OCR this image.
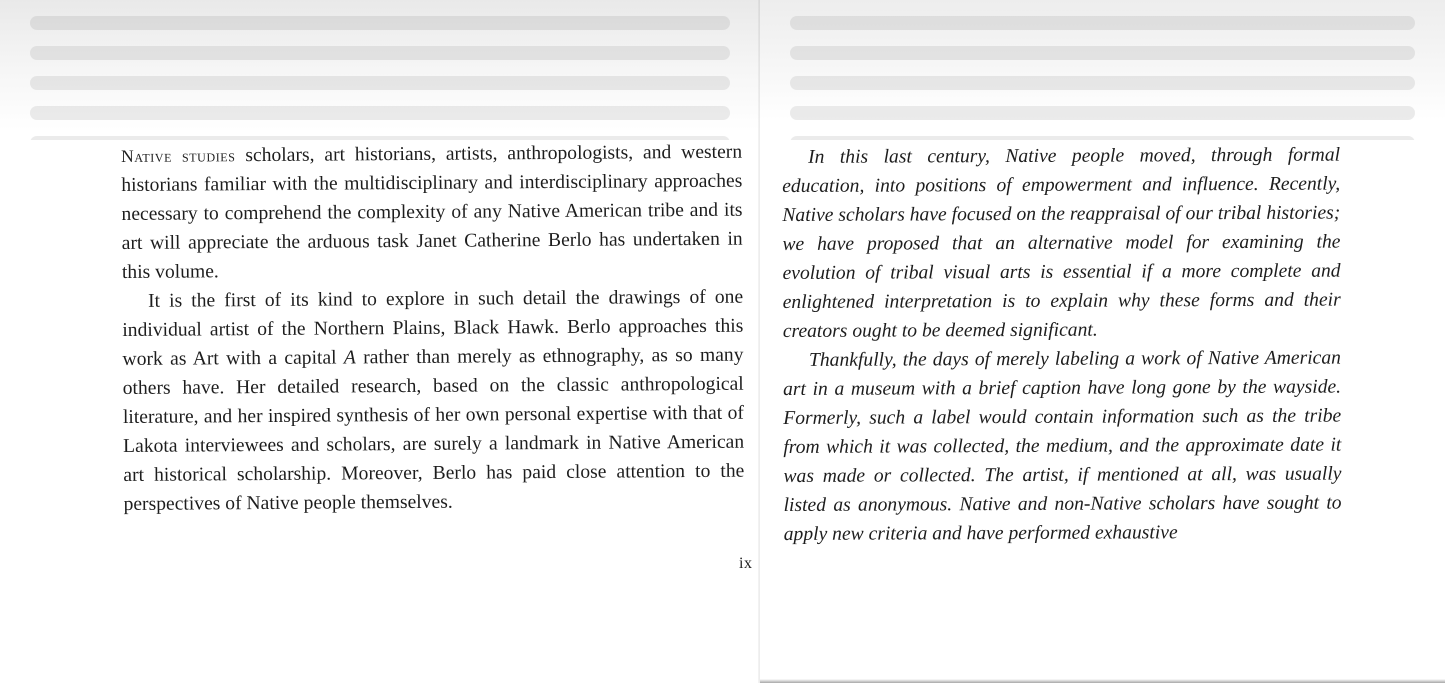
Native studies scholars, art historians, artists, anthropologists, and western historians familiar with the multidisciplinary and interdisciplinary approaches necessary to comprehend the complexity of any Native American tribe and its art will appreciate the arduous task Janet Catherine Berlo has undertaken in this volume.

It is the first of its kind to explore in such detail the drawings of one individual artist of the Northern Plains, Black Hawk. Berlo approaches this work as Art with a capital A rather than merely as ethnography, as so many others have. Her detailed research, based on the classic anthropological literature, and her inspired synthesis of her own personal expertise with that of Lakota interviewees and scholars, are surely a landmark in Native American art historical scholarship. Moreover, Berlo has paid close attention to the perspectives of Native people themselves.

ix

In this last century, Native people moved, through formal education, into positions of empowerment and influence. Recently, Native scholars have focused on the reappraisal of our tribal histories; we have proposed that an alternative model for examining the evolution of tribal visual arts is essential if a more complete and enlightened interpretation is to explain why these forms and their creators ought to be deemed significant.

Thankfully, the days of merely labeling a work of Native American art in a museum with a brief caption have long gone by the wayside. Formerly, such a label would contain information such as the tribe from which it was collected, the medium, and the approximate date it was made or collected. The artist, if mentioned at all, was usually listed as anonymous. Native and non-Native scholars have sought to apply new criteria and have performed exhaustive
